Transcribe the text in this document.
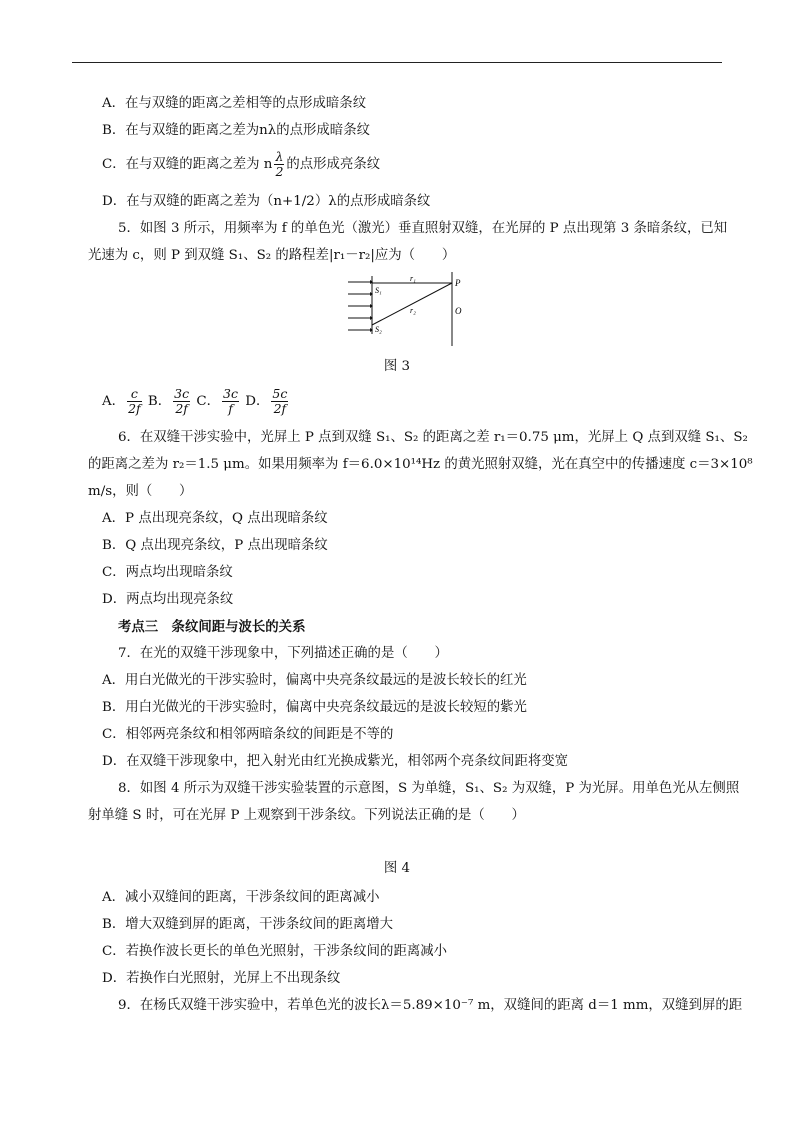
A．在与双缝的距离之差相等的点形成暗条纹
B．在与双缝的距离之差为nλ的点形成暗条纹
C．在与双缝的距离之差为 n $\frac{\lambda}{2}$ 的点形成亮条纹
D．在与双缝的距离之差为（n+1/2）λ的点形成暗条纹
5．如图 3 所示，用频率为 f 的单色光（激光）垂直照射双缝，在光屏的 P 点出现第 3 条暗条纹，已知
光速为 c，则 P 到双缝 S₁、S₂ 的路程差|r₁－r₂|应为（　　）
S₁
S₂
r₁
r₂
P
O
图 3
A． $\frac{c}{2f}$ B． $\frac{3c}{2f}$ C． $\frac{3c}{f}$ D． $\frac{5c}{2f}$
6．在双缝干涉实验中，光屏上 P 点到双缝 S₁、S₂ 的距离之差 r₁＝0.75 μm，光屏上 Q 点到双缝 S₁、S₂
的距离之差为 r₂＝1.5 μm。如果用频率为 f＝6.0×10¹⁴Hz 的黄光照射双缝，光在真空中的传播速度 c＝3×10⁸
m/s，则（　　）
A．P 点出现亮条纹，Q 点出现暗条纹
B．Q 点出现亮条纹，P 点出现暗条纹
C．两点均出现暗条纹
D．两点均出现亮条纹
考点三　条纹间距与波长的关系
7．在光的双缝干涉现象中，下列描述正确的是（　　）
A．用白光做光的干涉实验时，偏离中央亮条纹最远的是波长较长的红光
B．用白光做光的干涉实验时，偏离中央亮条纹最远的是波长较短的紫光
C．相邻两亮条纹和相邻两暗条纹的间距是不等的
D．在双缝干涉现象中，把入射光由红光换成紫光，相邻两个亮条纹间距将变宽
8．如图 4 所示为双缝干涉实验装置的示意图，S 为单缝，S₁、S₂ 为双缝，P 为光屏。用单色光从左侧照
射单缝 S 时，可在光屏 P 上观察到干涉条纹。下列说法正确的是（　　）
图 4
A．减小双缝间的距离，干涉条纹间的距离减小
B．增大双缝到屏的距离，干涉条纹间的距离增大
C．若换作波长更长的单色光照射，干涉条纹间的距离减小
D．若换作白光照射，光屏上不出现条纹
9．在杨氏双缝干涉实验中，若单色光的波长λ＝5.89×10⁻⁷ m，双缝间的距离 d＝1 mm，双缝到屏的距
